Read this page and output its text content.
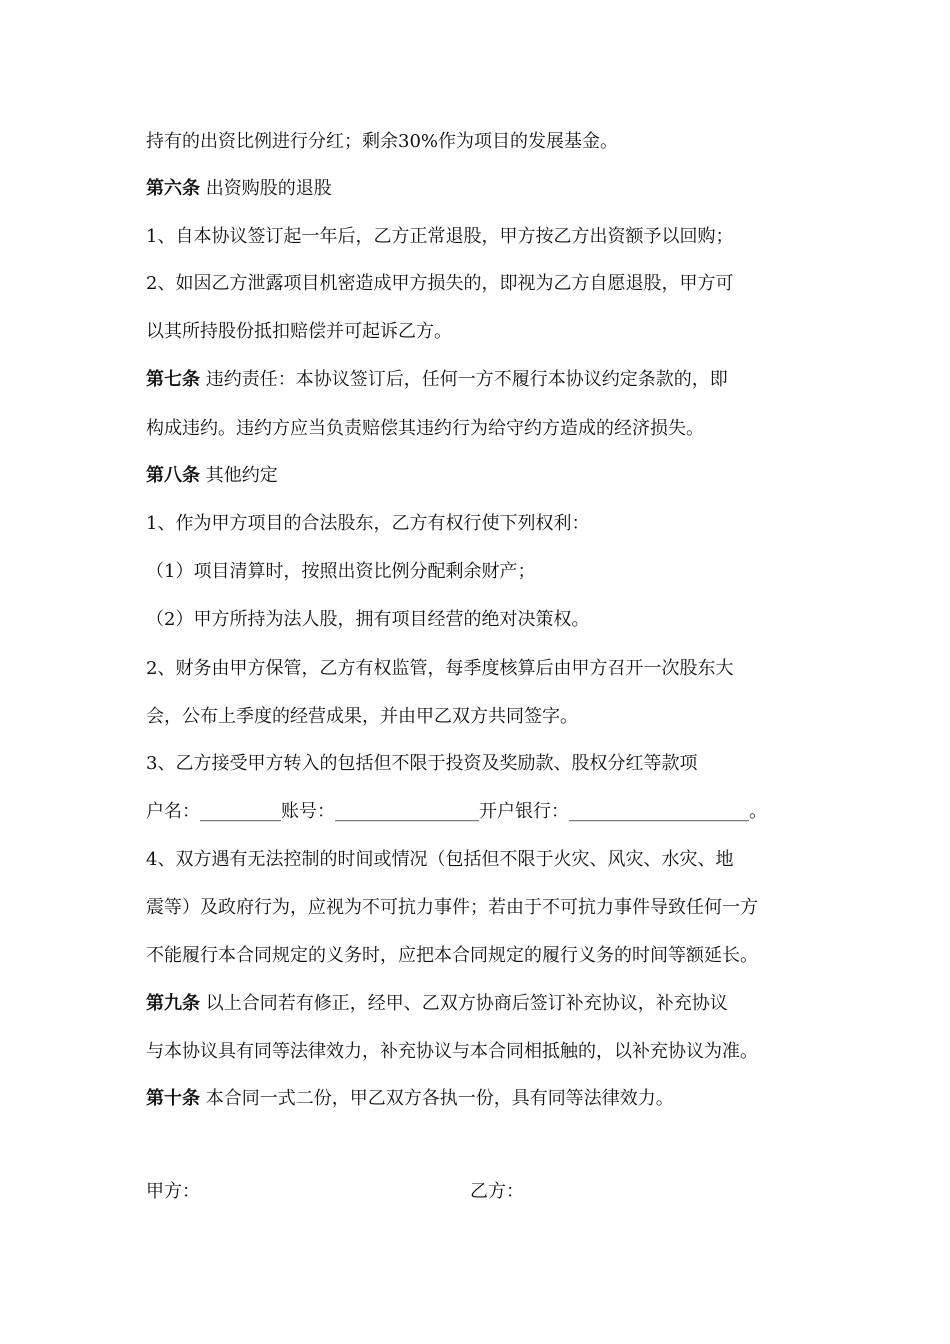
持有的出资比例进行分红；剩余30%作为项目的发展基金。
第六条 出资购股的退股
1、自本协议签订起一年后，乙方正常退股，甲方按乙方出资额予以回购；
2、如因乙方泄露项目机密造成甲方损失的，即视为乙方自愿退股，甲方可
以其所持股份抵扣赔偿并可起诉乙方。
第七条 违约责任：本协议签订后，任何一方不履行本协议约定条款的，即
构成违约。违约方应当负责赔偿其违约行为给守约方造成的经济损失。
第八条 其他约定
1、作为甲方项目的合法股东，乙方有权行使下列权利：
（1）项目清算时，按照出资比例分配剩余财产；
（2）甲方所持为法人股，拥有项目经营的绝对决策权。
2、财务由甲方保管，乙方有权监管，每季度核算后由甲方召开一次股东大
会，公布上季度的经营成果，并由甲乙双方共同签字。
3、乙方接受甲方转入的包括但不限于投资及奖励款、股权分红等款项
户名：_________账号：________________开户银行：____________________。
4、双方遇有无法控制的时间或情况（包括但不限于火灾、风灾、水灾、地
震等）及政府行为，应视为不可抗力事件；若由于不可抗力事件导致任何一方
不能履行本合同规定的义务时，应把本合同规定的履行义务的时间等额延长。
第九条 以上合同若有修正，经甲、乙双方协商后签订补充协议，补充协议
与本协议具有同等法律效力，补充协议与本合同相抵触的，以补充协议为准。
第十条 本合同一式二份，甲乙双方各执一份，具有同等法律效力。
甲方：	乙方：
